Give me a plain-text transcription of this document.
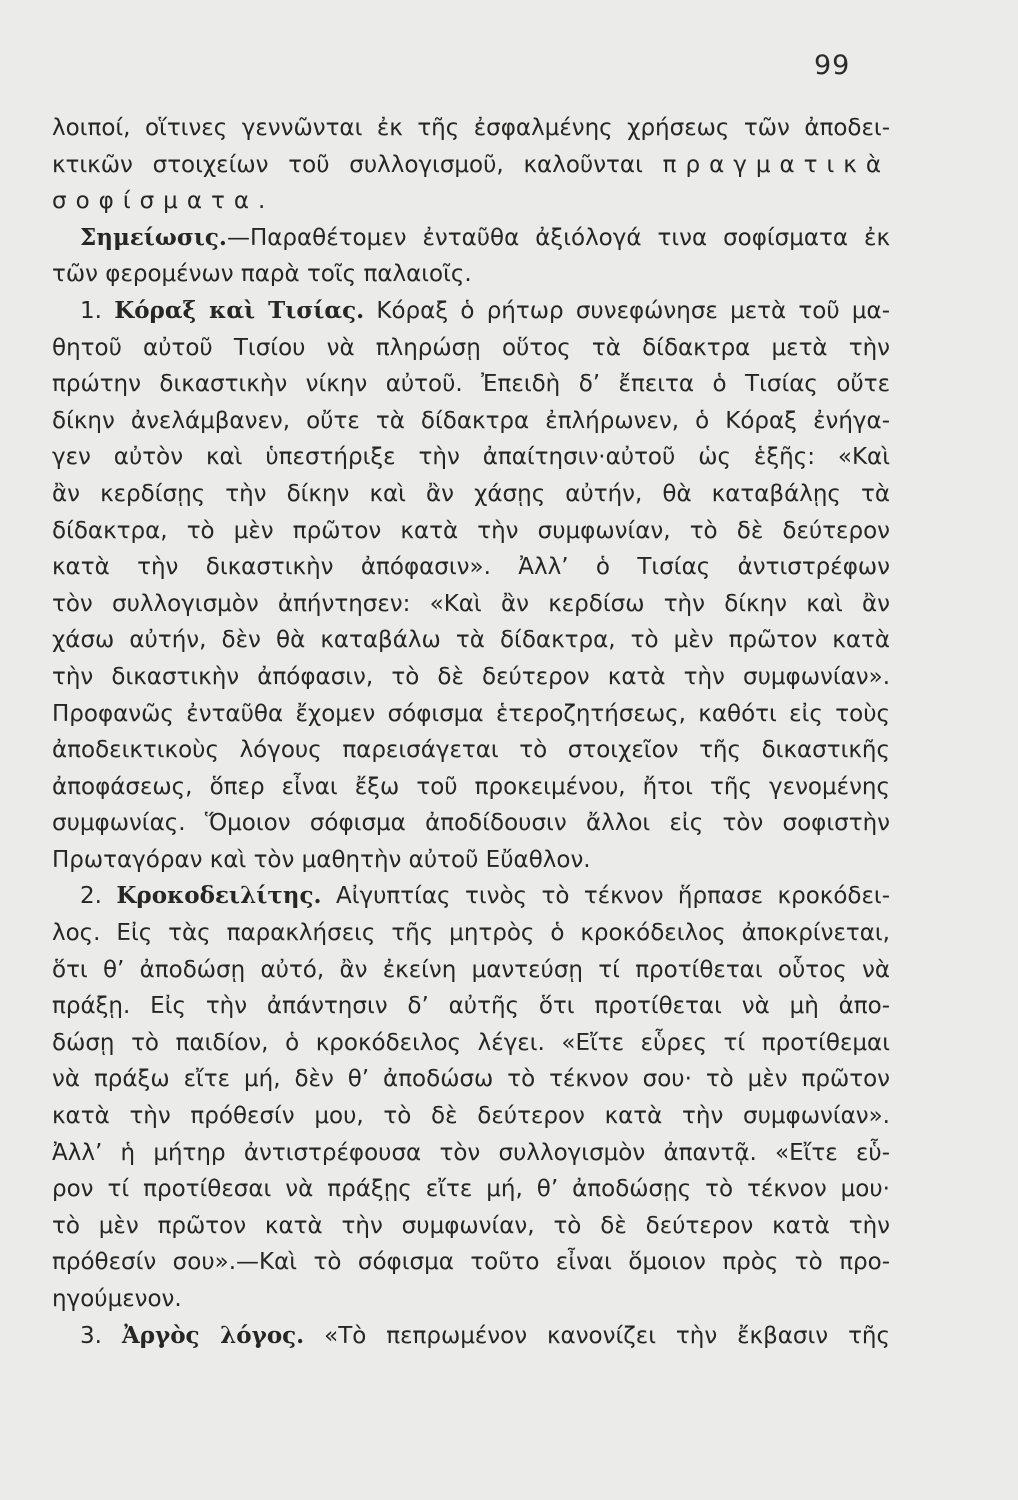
99
λοιποί, οἵτινες γεννῶνται ἐκ τῆς ἐσφαλμένης χρήσεως τῶν ἀποδει-
κτικῶν στοιχείων τοῦ συλλογισμοῦ, καλοῦνται πραγματικὰ
σοφίσματα.
Σημείωσις.—Παραθέτομεν ἐνταῦθα ἀξιόλογά τινα σοφίσματα ἐκ
τῶν φερομένων παρὰ τοῖς παλαιοῖς.
1. Κόραξ καὶ Τισίας. Κόραξ ὁ ρήτωρ συνεφώνησε μετὰ τοῦ μα-
θητοῦ αὐτοῦ Τισίου νὰ πληρώσῃ οὕτος τὰ δίδακτρα μετὰ τὴν
πρώτην δικαστικὴν νίκην αὐτοῦ. Ἐπειδὴ δ’ ἔπειτα ὁ Τισίας οὔτε
δίκην ἀνελάμβανεν, οὔτε τὰ δίδακτρα ἐπλήρωνεν, ὁ Κόραξ ἐνήγα-
γεν αὐτὸν καὶ ὑπεστήριξε τὴν ἀπαίτησιν·αὐτοῦ ὡς ἑξῆς: «Καὶ
ἂν κερδίσῃς τὴν δίκην καὶ ἂν χάσῃς αὐτήν, θὰ καταβάλῃς τὰ
δίδακτρα, τὸ μὲν πρῶτον κατὰ τὴν συμφωνίαν, τὸ δὲ δεύτερον
κατὰ τὴν δικαστικὴν ἀπόφασιν». Ἀλλ’ ὁ Τισίας ἀντιστρέφων
τὸν συλλογισμὸν ἀπήντησεν: «Καὶ ἂν κερδίσω τὴν δίκην καὶ ἂν
χάσω αὐτήν, δὲν θὰ καταβάλω τὰ δίδακτρα, τὸ μὲν πρῶτον κατὰ
τὴν δικαστικὴν ἀπόφασιν, τὸ δὲ δεύτερον κατὰ τὴν συμφωνίαν».
Προφανῶς ἐνταῦθα ἔχομεν σόφισμα ἑτεροζητήσεως, καθότι εἰς τοὺς
ἀποδεικτικοὺς λόγους παρεισάγεται τὸ στοιχεῖον τῆς δικαστικῆς
ἀποφάσεως, ὅπερ εἶναι ἔξω τοῦ προκειμένου, ἤτοι τῆς γενομένης
συμφωνίας. Ὅμοιον σόφισμα ἀποδίδουσιν ἄλλοι εἰς τὸν σοφιστὴν
Πρωταγόραν καὶ τὸν μαθητὴν αὐτοῦ Εὔαθλον.
2. Κροκοδειλίτης. Αἰγυπτίας τινὸς τὸ τέκνον ἥρπασε κροκόδει-
λος. Εἰς τὰς παρακλήσεις τῆς μητρὸς ὁ κροκόδειλος ἀποκρίνεται,
ὅτι θ’ ἀποδώσῃ αὐτό, ἂν ἐκείνη μαντεύσῃ τί προτίθεται οὗτος νὰ
πράξῃ. Εἰς τὴν ἀπάντησιν δ’ αὐτῆς ὅτι προτίθεται νὰ μὴ ἀπο-
δώσῃ τὸ παιδίον, ὁ κροκόδειλος λέγει. «Εἴτε εὗρες τί προτίθεμαι
νὰ πράξω εἴτε μή, δὲν θ’ ἀποδώσω τὸ τέκνον σου· τὸ μὲν πρῶτον
κατὰ τὴν πρόθεσίν μου, τὸ δὲ δεύτερον κατὰ τὴν συμφωνίαν».
Ἀλλ’ ἡ μήτηρ ἀντιστρέφουσα τὸν συλλογισμὸν ἀπαντᾷ. «Εἴτε εὗ-
ρον τί προτίθεσαι νὰ πράξῃς εἴτε μή, θ’ ἀποδώσῃς τὸ τέκνον μου·
τὸ μὲν πρῶτον κατὰ τὴν συμφωνίαν, τὸ δὲ δεύτερον κατὰ τὴν
πρόθεσίν σου».—Καὶ τὸ σόφισμα τοῦτο εἶναι ὅμοιον πρὸς τὸ προ-
ηγούμενον.
3. Ἀργὸς λόγος. «Τὸ πεπρωμένον κανονίζει τὴν ἔκβασιν τῆς
